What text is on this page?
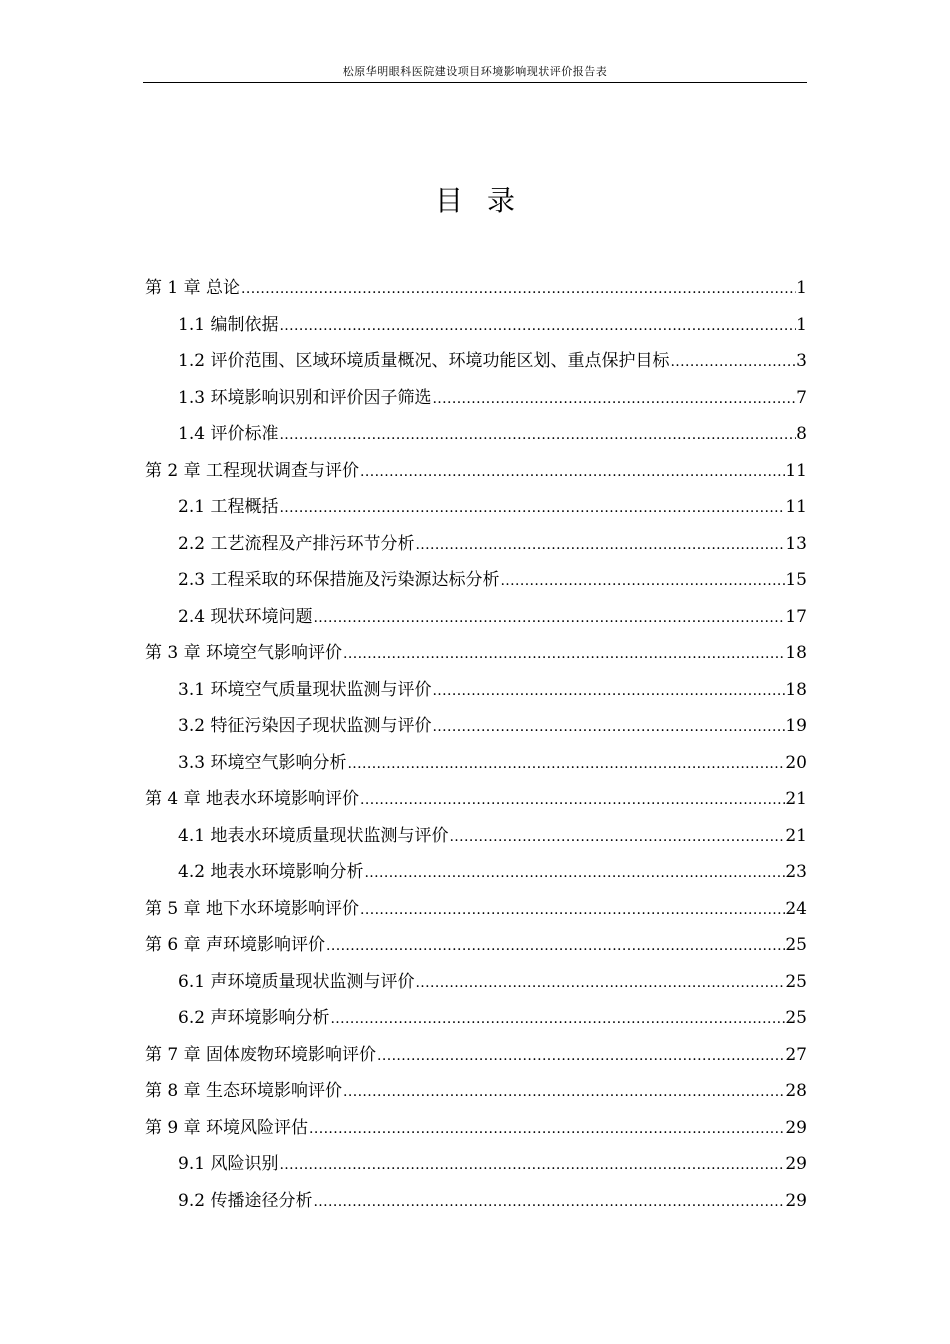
松原华明眼科医院建设项目环境影响现状评价报告表
目录
第 1 章 总论 .....	1
1.1 编制依据 .....	1
1.2 评价范围、区域环境质量概况、环境功能区划、重点保护目标 .....	3
1.3 环境影响识别和评价因子筛选 .....	7
1.4 评价标准 .....	8
第 2 章 工程现状调查与评价 .....	11
2.1 工程概括 .....	11
2.2 工艺流程及产排污环节分析 .....	13
2.3 工程采取的环保措施及污染源达标分析 .....	15
2.4 现状环境问题 .....	17
第 3 章 环境空气影响评价 .....	18
3.1 环境空气质量现状监测与评价 .....	18
3.2 特征污染因子现状监测与评价 .....	19
3.3 环境空气影响分析 .....	20
第 4 章 地表水环境影响评价 .....	21
4.1 地表水环境质量现状监测与评价 .....	21
4.2 地表水环境影响分析 .....	23
第 5 章 地下水环境影响评价 .....	24
第 6 章 声环境影响评价 .....	25
6.1 声环境质量现状监测与评价 .....	25
6.2 声环境影响分析 .....	25
第 7 章 固体废物环境影响评价 .....	27
第 8 章 生态环境影响评价 .....	28
第 9 章 环境风险评估 .....	29
9.1 风险识别 .....	29
9.2 传播途径分析 .....	29
